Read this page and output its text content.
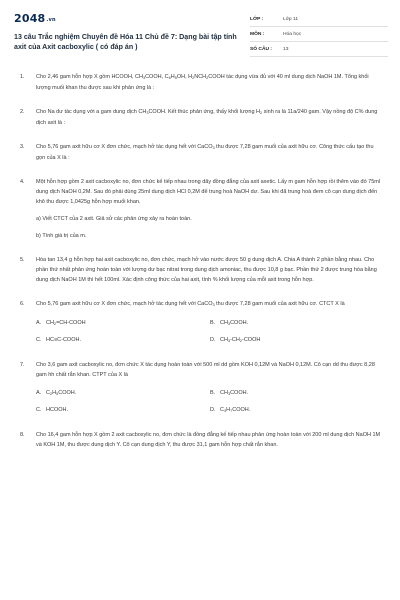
2048.vn
13 câu Trắc nghiệm Chuyên đề Hóa 11 Chủ đề 7: Dạng bài tập tính axit của Axit cacboxylic ( có đáp án )
LỚP :	Lớp 11
MÔN :	Hóa học
SỐ CÂU :	13
1.	Cho 2,46 gam hỗn hợp X gồm HCOOH, $CH_3COOH$, $C_6H_5OH$, $H_2NCH_2COOH$ tác dụng vừa đủ với 40 ml dung dịch NaOH 1M. Tổng khối lượng muối khan thu được sau khi phản ứng là :
2.	Cho Na dư tác dụng với a gam dung dịch $CH_3COOH$. Kết thúc phản ứng, thấy khối lượng $H_2$ sinh ra là 11a/240 gam. Vậy nồng độ C% dung dịch axit là :
3.	Cho 5,76 gam axit hữu cơ X đơn chức, mạch hở tác dụng hết với CaCO$_3$ thu được 7,28 gam muối của axit hữu cơ. Công thức cấu tạo thu gọn của X là :
4.	Một hỗn hợp gồm 2 axit cacboxylic no, đơn chức kế tiếp nhau trong dãy đồng đẳng của axit axetic. Lấy m gam hỗn hợp rồi thêm vào đó 75ml dung dịch NaOH 0,2M. Sau đó phải dùng 25ml dung dịch HCl 0,2M để trung hoà NaOH dư. Sau khi đã trung hoà đem cô cạn dung dịch đến khô thu được 1,0425g hỗn hợp muối khan.
a) Viết CTCT của 2 axit. Giả sử các phản ứng xảy ra hoàn toàn.
b) Tính giá trị của m.
5.	Hòa tan 13,4 g hỗn hợp hai axit cacboxylic no, đơn chức, mạch hở vào nước được 50 g dung dịch A. Chia A thành 2 phần bằng nhau. Cho phần thứ nhất phản ứng hoàn toàn với lượng dư bạc nitrat trong dung dịch amoniac, thu được 10,8 g bạc. Phần thứ 2 được trung hòa bằng dung dịch NaOH 1M thì hết 100ml. Xác định công thức của hai axit, tính % khối lượng của mỗi axit trong hỗn hợp.
6.	Cho 5,76 gam axit hữu cơ X đơn chức, mạch hở tác dụng hết với CaCO$_3$ thu được 7,28 gam muối của axit hữu cơ. CTCT X là
A. $CH_2=CH$-COOH	B. $CH_3COOH$.
C. HC≡C-COOH.	D. $CH_3-CH_2$-COOH
7.	Cho 3,6 gam axit cacboxylic no, đơn chức X tác dụng hoàn toàn với 500 ml dd gồm KOH 0,12M và NaOH 0,12M. Cô cạn dd thu được 8,28 gam hh chất rắn khan. CTPT của X là
A. $C_2H_5COOH$.	B. $CH_3COOH$.
C. HCOOH.	D. $C_3H_7COOH$.
8.	Cho 16,4 gam hỗn hợp X gồm 2 axit cacboxylic no, đơn chức là đồng đẳng kế tiếp nhau phản ứng hoàn toàn với 200 ml dung dịch NaOH 1M và KOH 1M, thu được dung dịch Y. Cô cạn dung dịch Y, thu được 31,1 gam hỗn hợp chất rắn khan.
